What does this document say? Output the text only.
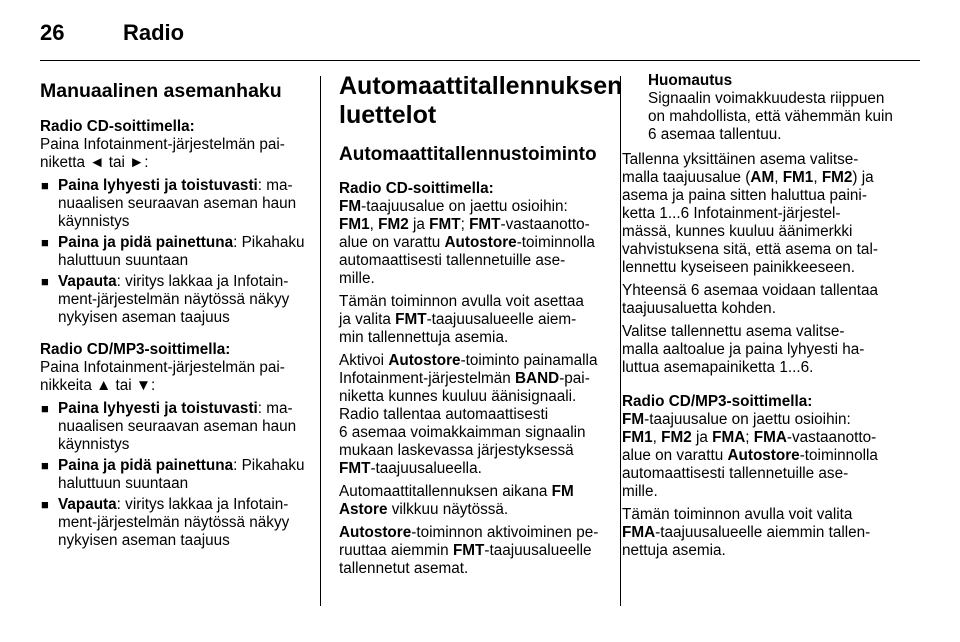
26	Radio
Manuaalinen asemanhaku

Radio CD-soittimella:

Paina Infotainment-järjestelmän pai-
niketta ◄ tai ►:

■ Paina lyhyesti ja toistuvasti: ma-
nuaalisen seuraavan aseman haun
käynnistys
■ Paina ja pidä painettuna: Pikahaku
haluttuun suuntaan
■ Vapauta: viritys lakkaa ja Infotain-
ment-järjestelmän näytössä näkyy
nykyisen aseman taajuus

Radio CD/MP3-soittimella:

Paina Infotainment-järjestelmän pai-
nikkeita ▲ tai ▼:

■ Paina lyhyesti ja toistuvasti: ma-
nuaalisen seuraavan aseman haun
käynnistys
■ Paina ja pidä painettuna: Pikahaku
haluttuun suuntaan
■ Vapauta: viritys lakkaa ja Infotain-
ment-järjestelmän näytössä näkyy
nykyisen aseman taajuus
Automaattitallennuksen
luettelot
Automaattitallennustoiminto

Radio CD-soittimella:

FM-taajuusalue on jaettu osioihin:
FM1, FM2 ja FMT; FMT-vastaanotto-
alue on varattu Autostore-toiminnolla
automaattisesti tallennetuille ase-
mille.

Tämän toiminnon avulla voit asettaa
ja valita FMT-taajuusalueelle aiem-
min tallennettuja asemia.

Aktivoi Autostore-toiminto painamalla
Infotainment-järjestelmän BAND-pai-
niketta kunnes kuuluu äänisignaali.
Radio tallentaa automaattisesti
6 asemaa voimakkaimman signaalin
mukaan laskevassa järjestyksessä
FMT-taajuusalueella.

Automaattitallennuksen aikana FM
Astore vilkkuu näytössä.

Autostore-toiminnon aktivoiminen pe-
ruuttaa aiemmin FMT-taajuusalueelle
tallennetut asemat.

Huomautus
Signaalin voimakkuudesta riippuen
on mahdollista, että vähemmän kuin
6 asemaa tallentuu.

Tallenna yksittäinen asema valitse-
malla taajuusalue (AM, FM1, FM2) ja
asema ja paina sitten haluttua paini-
ketta 1...6 Infotainment-järjestel-
mässä, kunnes kuuluu äänimerkki
vahvistuksena sitä, että asema on tal-
lennettu kyseiseen painikkeeseen.

Yhteensä 6 asemaa voidaan tallentaa
taajuusaluetta kohden.

Valitse tallennettu asema valitse-
malla aaltoalue ja paina lyhyesti ha-
luttua asemapainiketta 1...6.

Radio CD/MP3-soittimella:

FM-taajuusalue on jaettu osioihin:
FM1, FM2 ja FMA; FMA-vastaanotto-
alue on varattu Autostore-toiminnolla
automaattisesti tallennetuille ase-
mille.

Tämän toiminnon avulla voit valita
FMA-taajuusalueelle aiemmin tallen-
nettuja asemia.
